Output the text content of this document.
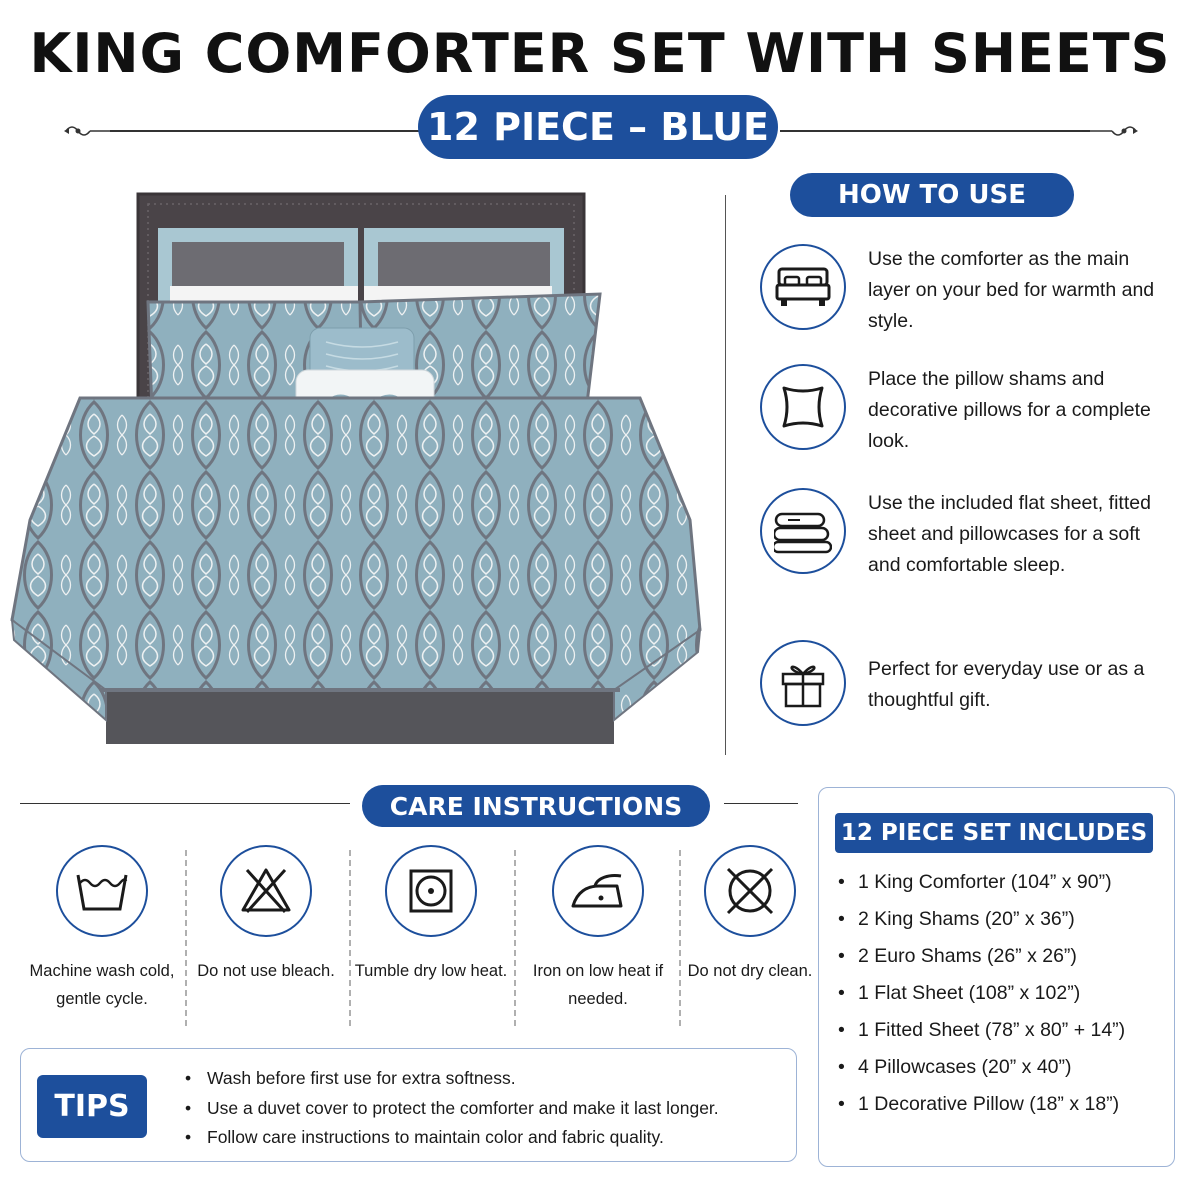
KING COMFORTER SET WITH SHEETS
12 PIECE – BLUE
HOW TO USE
Use the comforter as the main layer on your bed for warmth and style.
Place the pillow shams and decorative pillows for a complete look.
Use the included flat sheet, fitted sheet and pillowcases for a soft and comfortable sleep.
Perfect for everyday use or as a thoughtful gift.
CARE INSTRUCTIONS
Machine wash cold, gentle cycle.
Do not use bleach.	Tumble dry low heat.	Iron on low heat if needed.
Do not dry clean.
TIPS
• Wash before first use for extra softness.
• Use a duvet cover to protect the comforter and make it last longer.
• Follow care instructions to maintain color and fabric quality.
12 PIECE SET INCLUDES
• 1 King Comforter (104” x 90”)
• 2 King Shams (20” x 36”)
• 2 Euro Shams (26” x 26”)
• 1 Flat Sheet (108” x 102”)
• 1 Fitted Sheet (78” x 80” + 14”)
• 4 Pillowcases (20” x 40”)
• 1 Decorative Pillow (18” x 18”)
